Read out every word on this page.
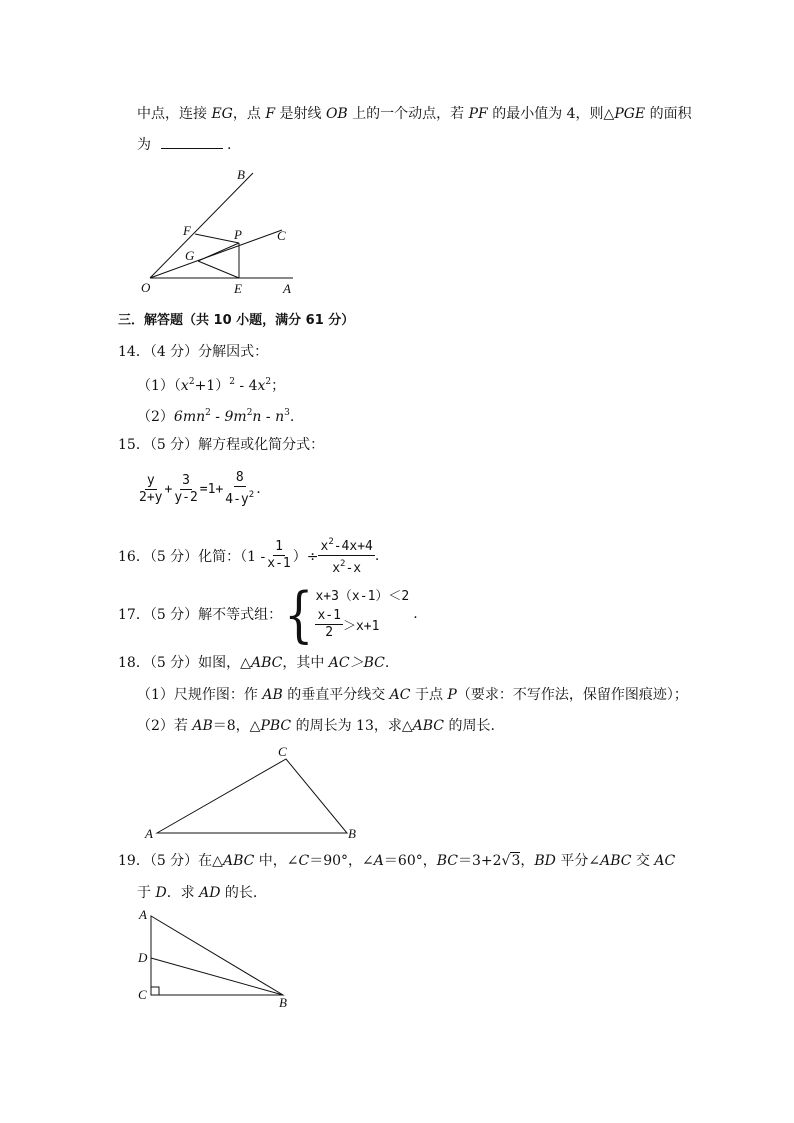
中点，连接 EG，点 F 是射线 OB 上的一个动点，若 PF 的最小值为 4，则△PGE 的面积
为	.
B
C
F	P
G
O	E	A
三．解答题（共 10 小题，满分 61 分）
14．（4 分）分解因式：
$(1)(x^2+1)^2 - 4x^2$；
$(2)6mn^2 - 9m^2n - n^3$.
15．（5 分）解方程或化简分式：
$\frac{y}{2+y} + \frac{3}{y-2} =1+ \frac{8}{4-y^2}$ .
16．（5 分）化简：（$1 - \frac{1}{x-1}$ ）÷ $\frac{x^2-4x+4}{x^2-x}$ .
17．（5 分）解不等式组： { x+3（x-1）＜2
$\frac{x-1}{2} >x+1$
.
18．（5 分）如图，△ABC，其中 AC＞BC.
（1）尺规作图：作 AB 的垂直平分线交 AC 于点 P（要求：不写作法，保留作图痕迹）；
（2）若 AB＝8，△PBC 的周长为 13，求△ABC 的周长.
C
A	B
19．（5 分）在△ABC 中，∠C＝90°，∠A＝60°，BC＝3+2√3，BD 平分∠ABC 交 AC
于 D．求 AD 的长.
A
D
C
B
